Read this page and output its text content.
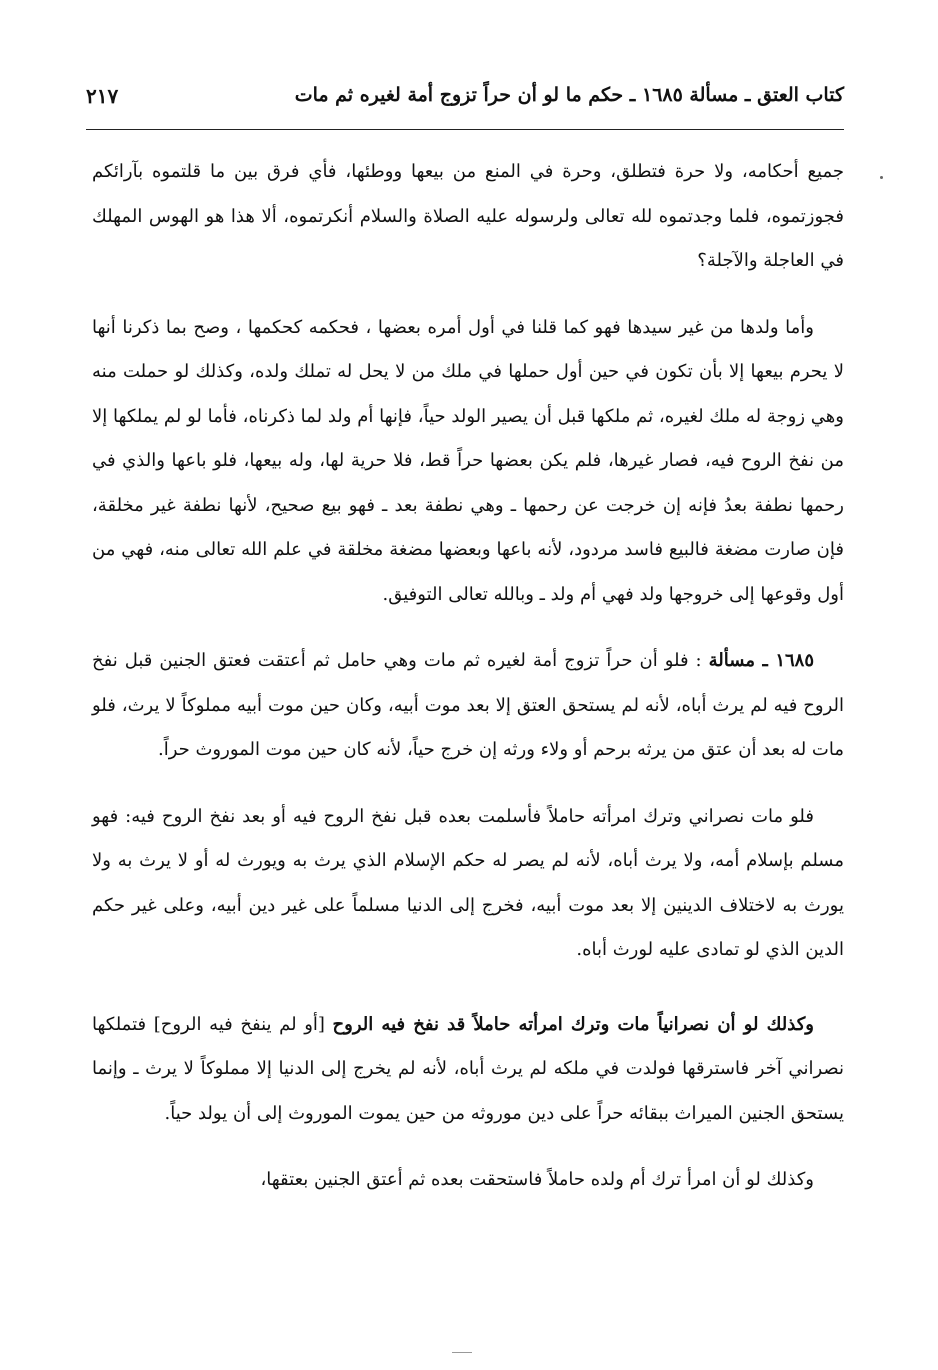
كتاب العتق ـ مسألة ١٦٨٥ ـ حكم ما لو أن حراً تزوج أمة لغيره ثم مات
٢١٧

جميع أحكامه، ولا حرة فتطلق، وحرة في المنع من بيعها ووطئها، فأي فرق بين ما قلتموه بآرائكم فجوزتموه، فلما وجدتموه لله تعالى ولرسوله عليه الصلاة والسلام أنكرتموه، ألا هذا هو الهوس المهلك في العاجلة والآجلة؟

وأما ولدها من غير سيدها فهو كما قلنا في أول أمره بعضها ، فحكمه كحكمها ، وصح بما ذكرنا أنها لا يحرم بيعها إلا بأن تكون في حين أول حملها في ملك من لا يحل له تملك ولده، وكذلك لو حملت منه وهي زوجة له ملك لغيره، ثم ملكها قبل أن يصير الولد حياً، فإنها أم ولد لما ذكرناه، فأما لو لم يملكها إلا من نفخ الروح فيه، فصار غيرها، فلم يكن بعضها حراً قط، فلا حرية لها، وله بيعها، فلو باعها والذي في رحمها نطفة بعدُ فإنه إن خرجت عن رحمها ـ وهي نطفة بعد ـ فهو بيع صحيح، لأنها نطفة غير مخلقة، فإن صارت مضغة فالبيع فاسد مردود، لأنه باعها وبعضها مضغة مخلقة في علم الله تعالى منه، فهي من أول وقوعها إلى خروجها ولد فهي أم ولد ـ وبالله تعالى التوفيق.

١٦٨٥ ـ مسألة : فلو أن حراً تزوج أمة لغيره ثم مات وهي حامل ثم أعتقت فعتق الجنين قبل نفخ الروح فيه لم يرث أباه، لأنه لم يستحق العتق إلا بعد موت أبيه، وكان حين موت أبيه مملوكاً لا يرث، فلو مات له بعد أن عتق من يرثه برحم أو ولاء ورثه إن خرج حياً، لأنه كان حين موت الموروث حراً.

فلو مات نصراني وترك امرأته حاملاً فأسلمت بعده قبل نفخ الروح فيه أو بعد نفخ الروح فيه: فهو مسلم بإسلام أمه، ولا يرث أباه، لأنه لم يصر له حكم الإسلام الذي يرث به ويورث له أو لا يرث به ولا يورث به لاختلاف الدينين إلا بعد موت أبيه، فخرج إلى الدنيا مسلماً على غير دين أبيه، وعلى غير حكم الدين الذي لو تمادى عليه لورث أباه.

وكذلك لو أن نصرانياً مات وترك امرأته حاملاً قد نفخ فيه الروح [أو لم ينفخ فيه الروح] فتملكها نصراني آخر فاسترقها فولدت في ملكه لم يرث أباه، لأنه لم يخرج إلى الدنيا إلا مملوكاً لا يرث ـ وإنما يستحق الجنين الميراث ببقائه حراً على دين موروثه من حين يموت الموروث إلى أن يولد حياً.

وكذلك لو أن امرأ ترك أم ولده حاملاً فاستحقت بعده ثم أعتق الجنين بعتقها،
